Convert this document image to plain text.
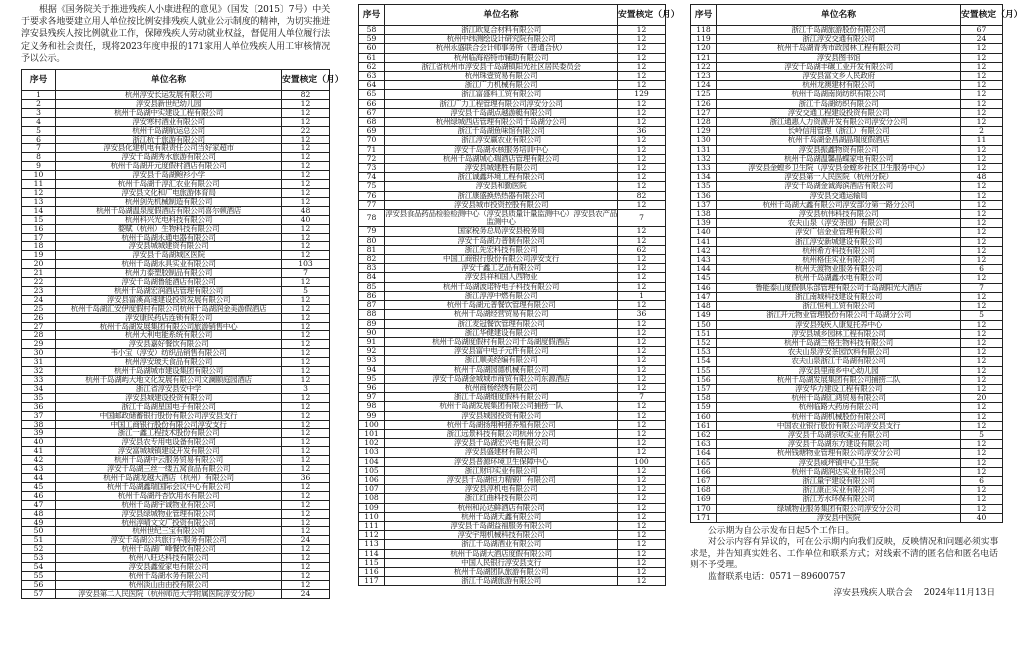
根据《国务院关于推进残疾人小康进程的意见》（国发〔2015〕7号）中关于要求各地要建立用人单位按比例安排残疾人就业公示制度的精神，为切实推进淳安县残疾人按比例就业工作，保障残疾人劳动就业权益，督促用人单位履行法定义务和社会责任，现将2023年度申报的171家用人单位残疾人用工审核情况予以公示。

序号	单位名称	安置核定（月）
1	杭州淳安长运发展有限公司	82
2	淳安县新世纪幼儿园	12
3	杭州千岛湖中实建设工程有限公司	12
4	淳安寒村酒业有限公司	12
5	杭州千岛湖航运总公司	22
6	浙江杭千旅游有限公司	12
7	淳安县化建机电有限责任公司当好家超市	12
8	淳安千岛湖秀水旅游有限公司	12
9	杭州千岛湖开元度假村酒店有限公司	12
10	淳安县千岛湖鲍衫小学	12
11	杭州千岛湖千淳汇农业有限公司	12
12	淳安县文化和广电旅游体育局	12
13	杭州剑先机械制造有限公司	12
14	杭州千岛湖温泉度假酒店有限公司喜尔顿酒店	48
15	杭州科兴光电科技有限公司	40
16	婺赋（杭州）生物科技有限公司	12
17	杭州千岛湖永通电器有限公司	12
18	淳安县城城建资有限公司	12
19	淳安县千岛湖城区医院	12
20	杭州千岛湖永具实业有限公司	103
21	杭州力泰塑胶制品有限公司	7
22	淳安千岛湖鲁能酒店有限公司	12
23	杭州千岛湖宏润酒店管理有限公司	5
24	淳安县富溪高速建设投资发展有限公司	12
25	杭州千岛湖汇安伊度假村有限公司杭州千岛湖润金美游假酒店	12
26	淳安康民药店连锁有限公司	12
27	杭州千岛湖发展集团有限公司旅游销售中心	12
28	杭州大利电能系统有限公司	12
29	淳安县嘉好餐饮有限公司	12
30	韦小宝（淳安）纺织品销售有限公司	12
31	杭州淳安玻天食品有限公司	12
32	杭州千岛湖城市建设集团有限公司	12
33	杭州千岛湖屿大地文化发展有限公司文澜颐庭园酒店	12
34	浙江省淳安县安中学	3
35	淳安县城建设投资有限公司	12
36	浙江千岛湖星国电子有限公司	12
37	中国邮政储蓄银行股份有限公司淳安县支行	12
38	中国工商银行股份有限公司淳安支行	12
39	浙江一鑫工程技术股份有限公司	12
40	淳安县农专用电设备有限公司	12
41	淳安富城城镇建设开发有限公司	12
42	杭州千岛湖中云服务贸易有限公司	12
43	淳安千岛湖三丝一缕五窝食品有限公司	12
44	杭州千岛湖龙越大酒店（杭州）有限公司	36
45	杭州千岛湖鑫瑞国际会议中心有限公司	12
46	杭州千岛湖丹杏饮用水有限公司	12
47	杭州千岛湖宇诚物业有限公司	12
48	淳安县绿城物业管理有限公司	12
49	杭州淳晴文文广投资有限公司	12
50	杭州世纪三宝有限公司	12
51	淳安千岛湖公共旅行车服务有限公司	24
52	杭州千岛湖广峰餐饮有限公司	12
53	杭州八旺达科技有限公司	12
54	淳安县鑫爱家电有限公司	12
55	杭州千岛湖水务有限公司	12
56	杭州淡山由由投有限公司	12
57	淳安县第二人民医院（杭州师范大学附属医院淳安分院）	24
序号	单位名称	安置核定（月）
58	浙江欧复合材料有限公司	12
59	杭州中纬测绘设计研究院有限公司	12
60	杭州永盛联合会计师事务所（普通合伙）	12
61	杭州临海裕特市辅助有限公司	12
62	浙江省杭州市淳安县千岛湖镇阳光社区居民委员会	12
63	杭州珠壹贸易有限公司	12
64	浙江广力机械有限公司	12
65	浙江富盛料工贸有限公司	129
66	浙江广力工程管理有限公司淳安分公司	12
67	淳安县千岛湖点越游艇有限公司	12
68	杭州绿城西店管理有限公司千岛湖分公司	12
69	浙江千岛湖鱼味馆有限公司	36
70	浙江淳安赢农业有限公司	12
71	淳安千岛湖水核服务培训中心	12
72	杭州千岛湖城心瑞酒店管理有限公司	12
73	淳安县城建胜有限公司	12
74	浙江诚鑫环境工程有限公司	12
75	淳安县和勤医院	12
76	浙江康盛换热热器有限公司	82
77	淳安县城市投资控股有限公司	12
78	淳安县食品药品检验检测中心（淳安县质量计量监测中心）淳安县农产品监测中心	7
79	国家税务总局淳安县税务局	12
80	淳安千岛湖力普制有限公司	12
81	浙江先宏科技有限公司	62
82	中国工商银行股份有限公司淳安支行	12
83	淳安千鑫工艺品有限公司	12
84	淳安县祥和国人西物业	12
85	杭州千岛湖波诺特电子科技有限公司	12
86	浙江淳淳中燃有限公司	1
87	杭州千岛湖元普餐饮管理有限公司	12
88	杭州千岛湖经营贸易有限公司	36
89	浙江麦冠餐饮管理有限公司	12
90	浙江华健建设有限公司	12
91	杭州千岛湖度假村有限公司千岛湖度假酒店	12
92	淳安县富中电子元件有限公司	12
93	浙江顺美经编有限公司	12
94	杭州千岛湖园德机械有限公司	12
95	淳安千岛湖金城城市商贸有限公司东源酒店	12
96	杭州商杨经绣有限公司	12
97	浙江千岛湖细度假科有限公司	7
98	杭州千岛湖发展集团有限公司捕捞一队	12
99	淳安县城园投资有限公司	12
100	杭州千岛湖扬翔种猪养殖有限公司	12
101	浙江远景科技有限公司杭州分公司	12
102	淳安县千岛湖宏兴电有限公司	12
103	淳安县盛建材有限公司	12
104	淳安县普源环境卫生保障中心	100
105	浙江财印实业有限公司	12
106	淳安县千岛湖恒力精锻厂有限公司	12
107	淳安县淳机电有限公司	12
108	浙江红曲科技有限公司	12
109	杭州和沁达鲜酒店有限公司	12
110	杭州千岛湖天鑫有限公司	12
111	淳安县千岛湖益福服务有限公司	12
112	淳安宇翔机械科技有限公司	12
113	浙江千岛湖酒业有限公司	12
114	杭州千岛湖大酒店度假有限公司	12
115	中国人民银行淳安县支行	12
116	杭州千岛湖团队旅游有限公司	12
117	浙江千岛湖旅游有限公司	12
序号	单位名称	安置核定（月）
118	浙江千岛湖旅游股份有限公司	67
119	浙江淳安交通有限公司	24
120	杭州千岛湖青秀市政园林工程有限公司	12
121	淳安县图书馆	12
122	淳安千岛湖丰碾工业开发有限公司	12
123	淳安县富文乡人民政府	12
124	杭州龙澳建材有限公司	12
125	杭州千岛湖南岗纺织有限公司	12
126	浙江千岛湖纺织有限公司	12
127	淳安交通工程建设投资有限公司	12
128	浙江通惠人力资源开发有限公司淳安分公司	12
129	长岭信用管理（浙江）有限公司	2
130	杭州千岛湖金昌湖晶瑞度假酒店	11
131	淳安县振鑫物资有限公司	12
132	杭州千岛湖温馨晶蝶家电有限公司	12
133	淳安县金螳乡卫生院（淳安县金螳乡社区卫生服务中心）	12
134	淳安县第一人民医院（杭州分院）	48
135	淳安千岛湖金诚海滨酒店有限公司	12
136	淳安县交通运输局	12
137	杭州千岛湖大鑫有限公司淳安部分第一路分公司	12
138	淳安县杭伟科技有限公司	12
139	农夫山泉（淳安茶园）有限公司	12
140	淳安广信金业管理有限公司	12
141	浙江淳安新城建设有限公司	12
142	杭州希方科技有限公司	12
143	杭州格佳实业有限公司	12
144	杭州天渡物业服务有限公司	6
145	杭州千岛湖鑫水电有限公司	12
146	鲁能泰山度假俱乐部管理有限公司千岛湖阳光大酒店	7
147	浙江南城科技建设有限公司	12
148	浙江恒利工贸有限公司	12
149	浙江开元物业管理股份有限公司千岛湖分公司	5
150	淳安县残疾人康复托养中心	12
151	淳安县城乡园林工程有限公司	12
152	杭州千岛湖兰格生物科技有限公司	12
153	农夫山泉淳安茶园饮料有限公司	12
154	农夫山泉浙江千岛湖有限公司	12
155	淳安县里商乡中心幼儿园	12
156	杭州千岛湖发展集团有限公司捕捞二队	12
157	淳安华力建设工程有限公司	12
158	杭州千岛湖汇鸿贸易有限公司	20
159	杭州临路大药房有限公司	12
160	杭州千岛湖机械股份有限公司	12
161	中国农业银行股份有限公司淳安县支行	12
162	淳安县千岛湖宗收实业有限公司	5
163	淳安县千岛湖东方建设有限公司	12
164	杭州钱塘物业管理有限公司淳安分公司	12
165	淳安县威坪镇中心卫生院	12
166	杭州千岛湖润达实业有限公司	12
167	浙江量宇建设有限公司	6
168	浙江康正实业有限公司	12
169	浙江芳水环保有限公司	12
170	绿城物业服务集团有限公司淳安分公司	12
171	淳安县中医院	40

公示期为自公示发布日起5个工作日。

对公示内容有异议的，可在公示期内向我们反映，反映情况和问题必须实事求是，并告知真实姓名、工作单位和联系方式；对线索不清的匿名信和匿名电话则不予受理。

监督联系电话：0571－89600757

淳安县残疾人联合会 2024年11月13日
